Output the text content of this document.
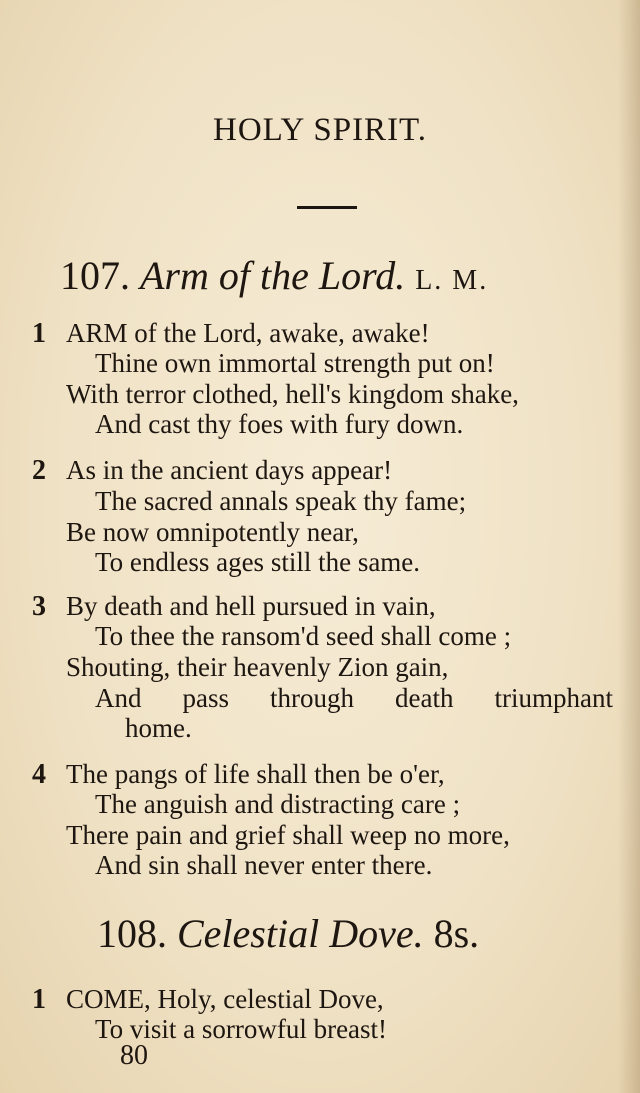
HOLY SPIRIT.
107. Arm of the Lord. L. M.
1 ARM of the Lord, awake, awake!
Thine own immortal strength put on!
With terror clothed, hell's kingdom shake,
And cast thy foes with fury down.
2 As in the ancient days appear!
The sacred annals speak thy fame;
Be now omnipotently near,
To endless ages still the same.
3 By death and hell pursued in vain,
To thee the ransom'd seed shall come ;
Shouting, their heavenly Zion gain,
And pass through death triumphant
home.
4 The pangs of life shall then be o'er,
The anguish and distracting care ;
There pain and grief shall weep no more,
And sin shall never enter there.
108. Celestial Dove. 8s.
1 COME, Holy, celestial Dove,
To visit a sorrowful breast!
80
